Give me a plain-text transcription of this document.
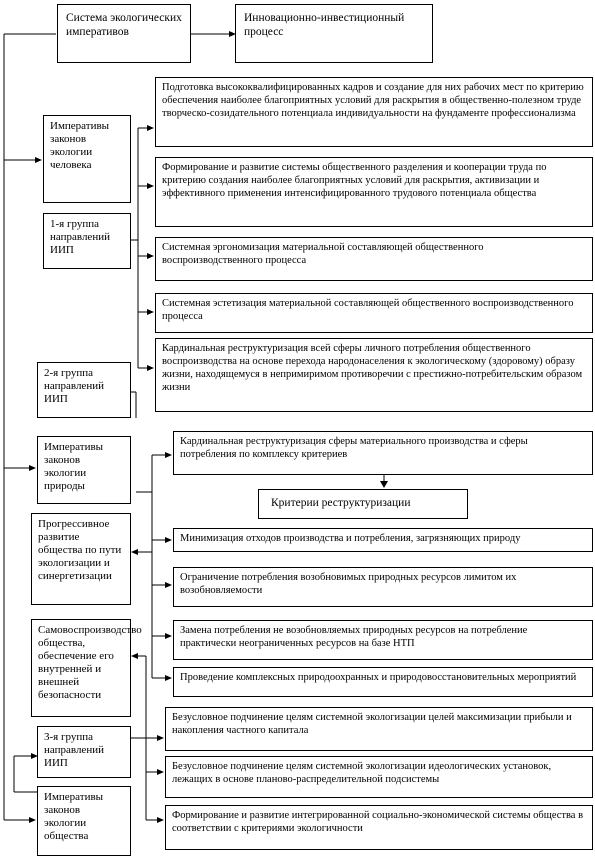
Система экологических императивов
Инновационно-инвестиционный процесс
Императивы законов экологии человека
1-я группа направлений ИИП
2-я группа направлений ИИП
Императивы законов экологии природы
Прогрессивное развитие общества по пути экологизации и синергетизации
Самовоспроизводство общества, обеспечение его внутренней и внешней безопасности
3-я группа направлений ИИП
Императивы законов экологии общества
Подготовка высококвалифицированных кадров и создание для них рабочих мест по критерию обеспечения наиболее благоприятных условий для раскрытия в общественно-полезном труде творческо-созидательного потенциала индивидуальности на фундаменте профессионализма
Формирование и развитие системы общественного разделения и кооперации труда по критерию создания наиболее благоприятных условий для раскрытия, активизации и эффективного применения интенсифицированного трудового потенциала общества
Системная эргономизация материальной составляющей общественного воспроизводственного процесса
Системная эстетизация материальной составляющей общественного воспроизводственного процесса
Кардинальная реструктуризация всей сферы личного потребления общественного воспроизводства на основе перехода народонаселения к экологическому (здоровому) образу жизни, находящемуся в непримиримом противоречии с престижно-потребительским образом жизни
Кардинальная реструктуризация сферы материального производства и сферы потребления по комплексу критериев
Критерии реструктуризации
Минимизация отходов производства и потребления, загрязняющих природу
Ограничение потребления возобновимых природных ресурсов лимитом их возобновляемости
Замена потребления не возобновляемых природных ресурсов на потребление практически неограниченных ресурсов на базе НТП
Проведение комплексных природоохранных и природовосстановительных мероприятий
Безусловное подчинение целям системной экологизации целей максимизации прибыли и накопления частного капитала
Безусловное подчинение целям системной экологизации идеологических установок, лежащих в основе планово-распределительной подсистемы
Формирование и развитие интегрированной социально-экономической системы общества в соответствии с критериями экологичности
